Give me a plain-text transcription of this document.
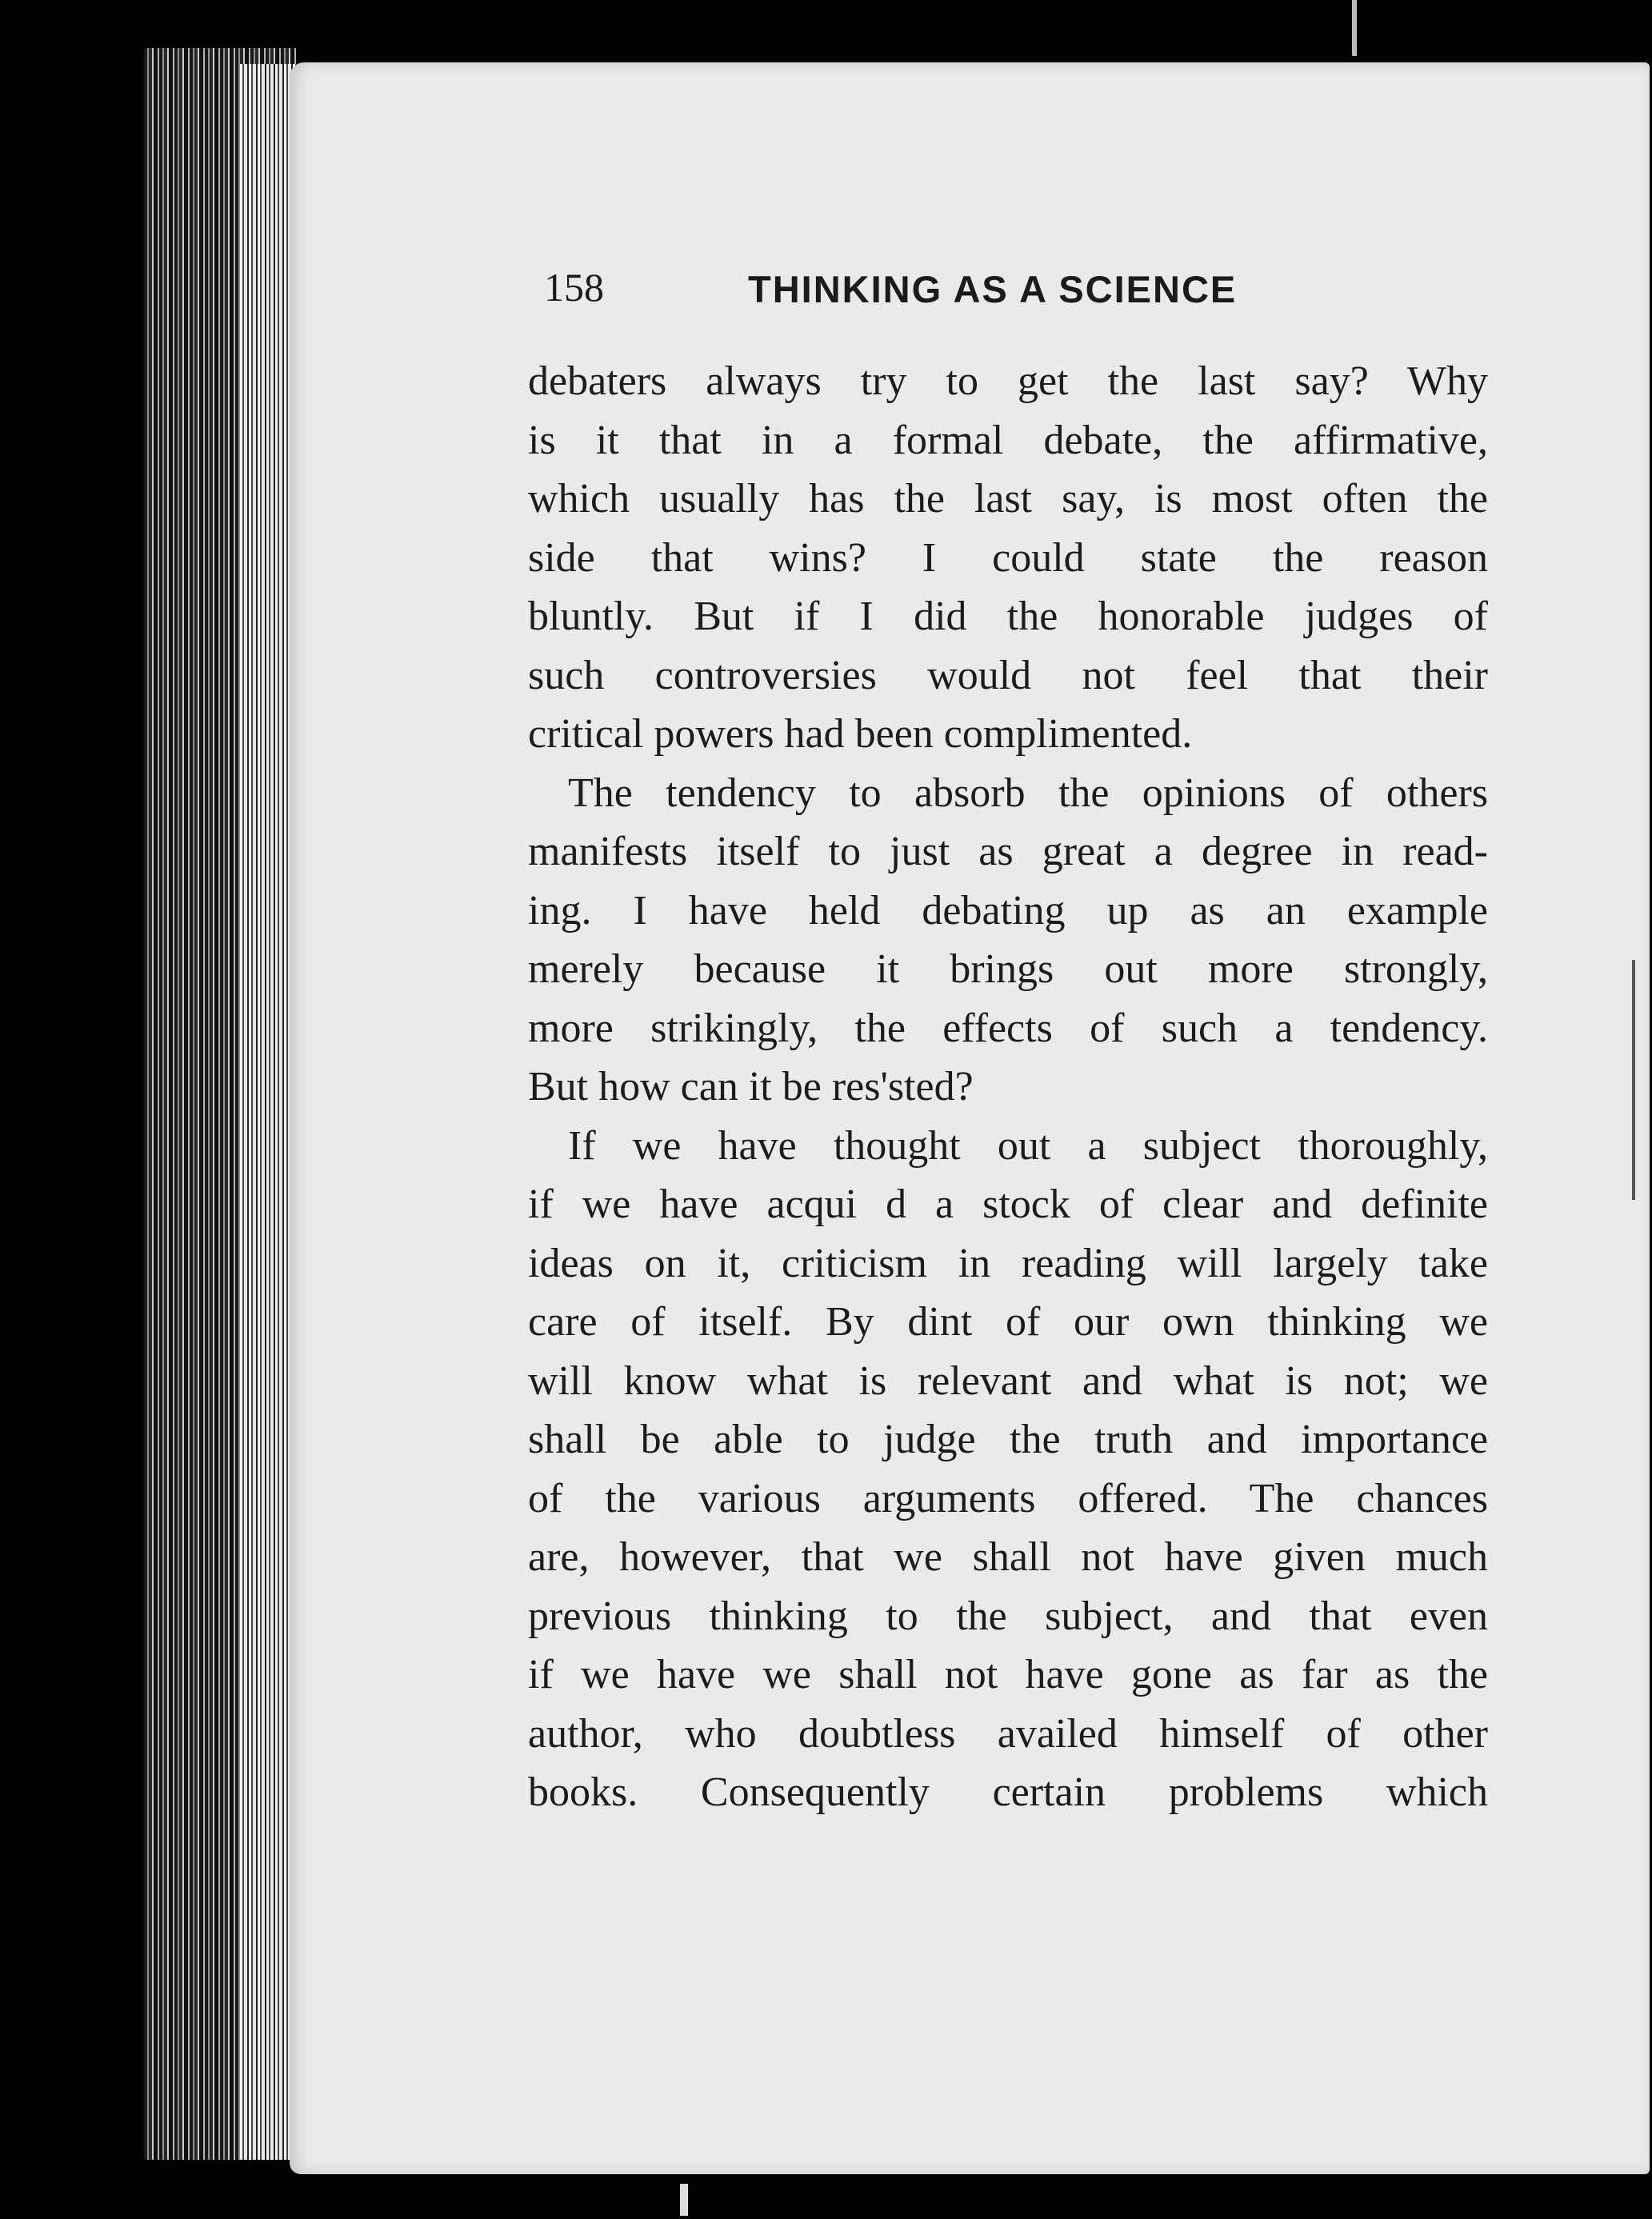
158	THINKING AS A SCIENCE
debaters always try to get the last say? Why
is it that in a formal debate, the affirmative,
which usually has the last say, is most often the
side that wins? I could state the reason
bluntly. But if I did the honorable judges of
such controversies would not feel that their
critical powers had been complimented.
The tendency to absorb the opinions of others
manifests itself to just as great a degree in read-
ing. I have held debating up as an example
merely because it brings out more strongly,
more strikingly, the effects of such a tendency.
But how can it be res'sted?
If we have thought out a subject thoroughly,
if we have acqui d a stock of clear and definite
ideas on it, criticism in reading will largely take
care of itself. By dint of our own thinking we
will know what is relevant and what is not; we
shall be able to judge the truth and importance
of the various arguments offered. The chances
are, however, that we shall not have given much
previous thinking to the subject, and that even
if we have we shall not have gone as far as the
author, who doubtless availed himself of other
books. Consequently certain problems which
